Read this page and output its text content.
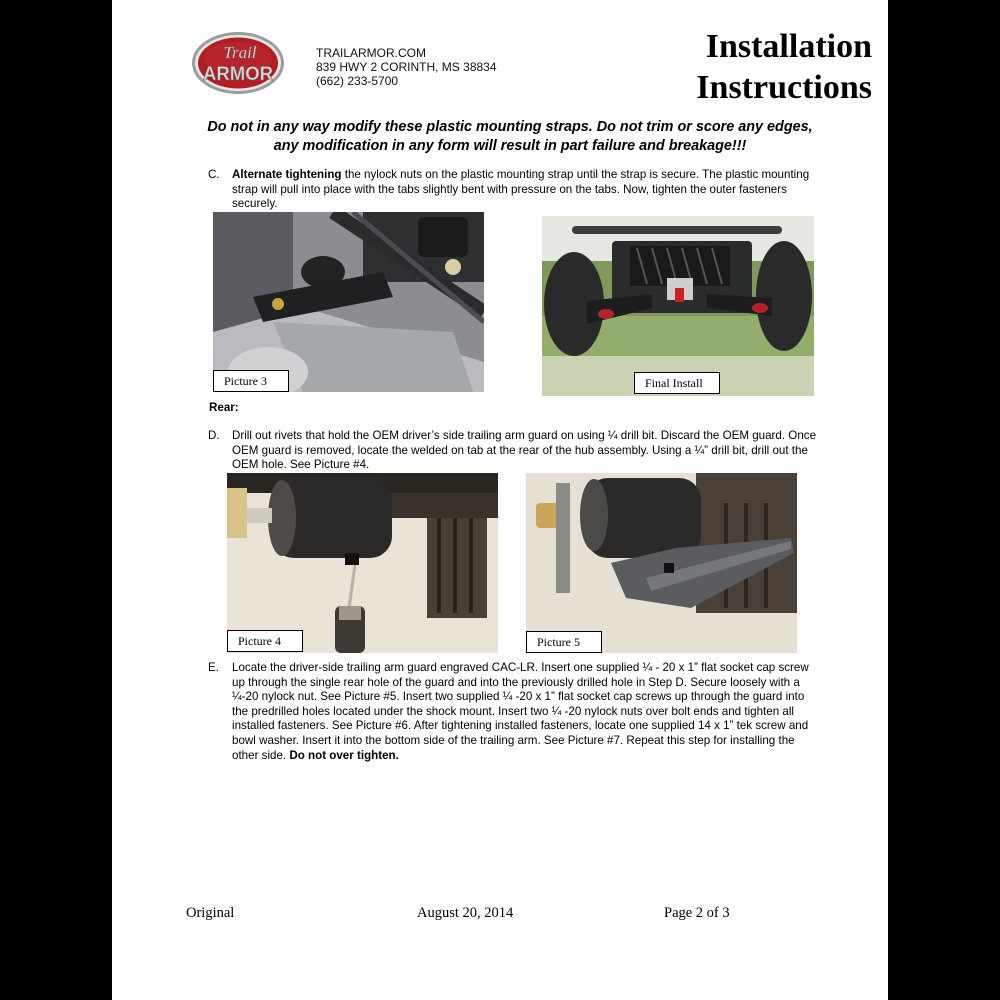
Trail
ARMOR
TRAILARMOR.COM
839 HWY 2 CORINTH, MS 38834
(662) 233-5700
Installation
Instructions
Do not in any way modify these plastic mounting straps. Do not trim or score any edges, any modification in any form will result in part failure and breakage!!!
C. Alternate tightening the nylock nuts on the plastic mounting strap until the strap is secure. The plastic mounting strap will pull into place with the tabs slightly bent with pressure on the tabs. Now, tighten the outer fasteners securely.
Picture 3	Final Install
Rear:
D. Drill out rivets that hold the OEM driver’s side trailing arm guard on using ¼ drill bit. Discard the OEM guard. Once OEM guard is removed, locate the welded on tab at the rear of the hub assembly. Using a ¼” drill bit, drill out the OEM hole. See Picture #4.
Picture 4	Picture 5
E. Locate the driver-side trailing arm guard engraved CAC-LR. Insert one supplied ¼ - 20 x 1” flat socket cap screw up through the single rear hole of the guard and into the previously drilled hole in Step D. Secure loosely with a ¼-20 nylock nut. See Picture #5. Insert two supplied ¼ -20 x 1” flat socket cap screws up through the guard into the predrilled holes located under the shock mount. Insert two ¼ -20 nylock nuts over bolt ends and tighten all installed fasteners. See Picture #6. After tightening installed fasteners, locate one supplied 14 x 1” tek screw and bowl washer. Insert it into the bottom side of the trailing arm. See Picture #7. Repeat this step for installing the other side. Do not over tighten.
Original	August 20, 2014	Page 2 of 3
